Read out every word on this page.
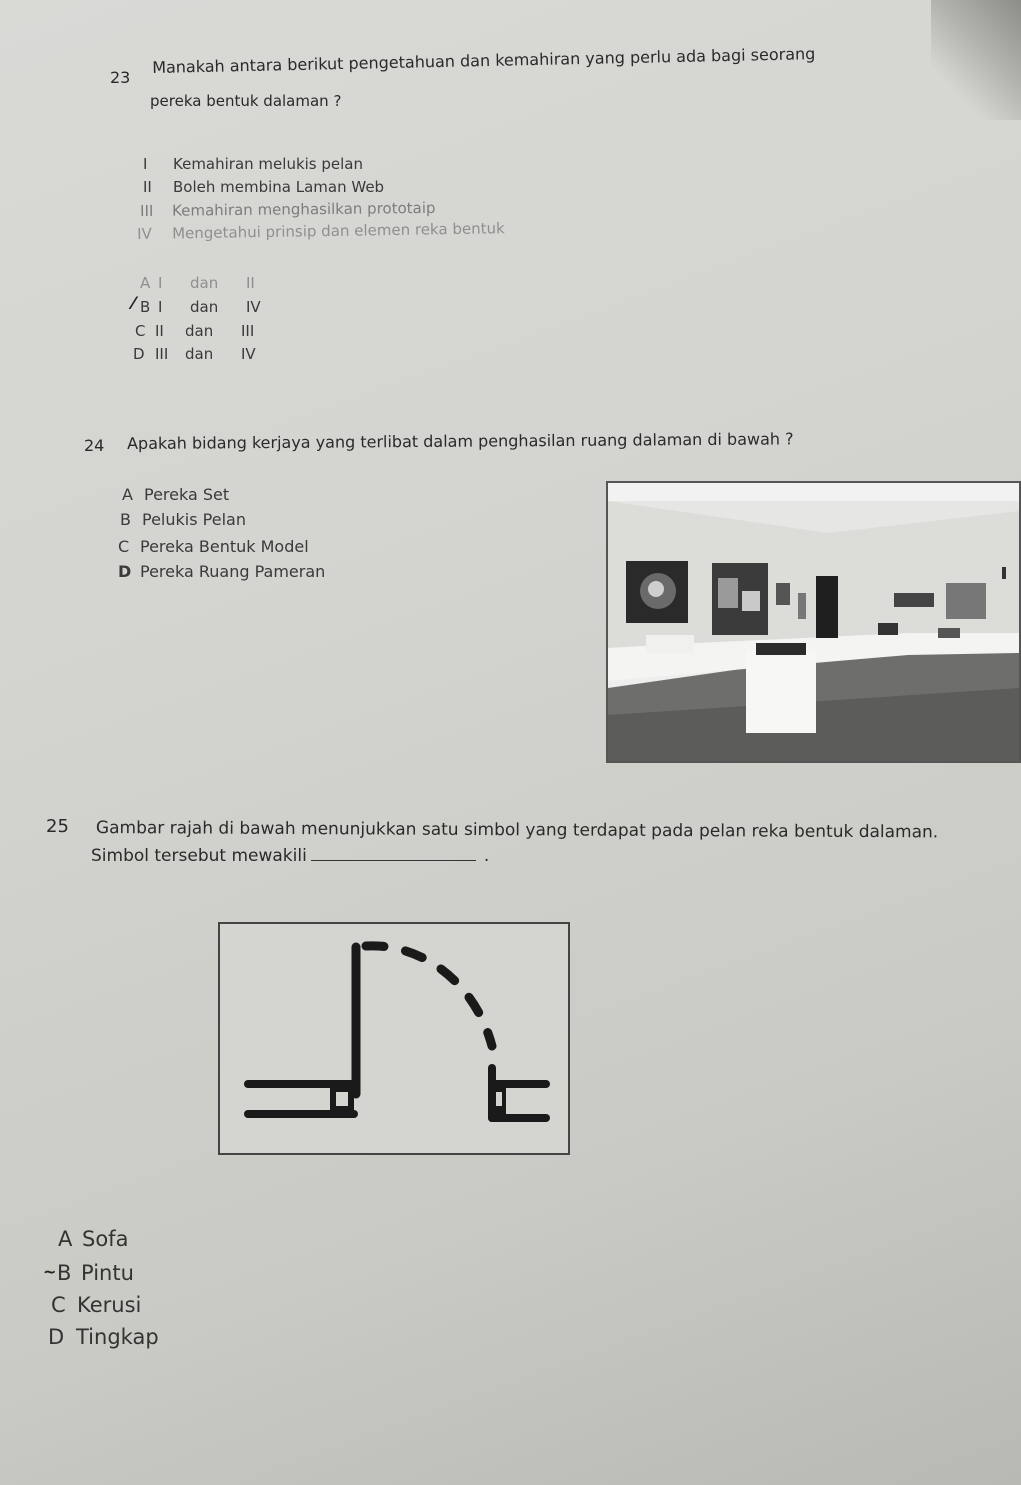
23
Manakah antara berikut pengetahuan dan kemahiran yang perlu ada bagi seorang
pereka bentuk dalaman ?
I Kemahiran melukis pelan
II Boleh membina Laman Web
III Kemahiran menghasilkan prototaip
IV Mengetahui prinsip dan elemen reka bentuk
A I dan II
B I dan IV
⁄
C II dan III
D III dan IV
24 Apakah bidang kerjaya yang terlibat dalam penghasilan ruang dalaman di bawah ?
A Pereka Set
B Pelukis Pelan
C Pereka Bentuk Model
D Pereka Ruang Pameran
25 Gambar rajah di bawah menunjukkan satu simbol yang terdapat pada pelan reka bentuk dalaman.
Simbol tersebut mewakili	.
A Sofa
~ B Pintu
C Kerusi
D Tingkap
